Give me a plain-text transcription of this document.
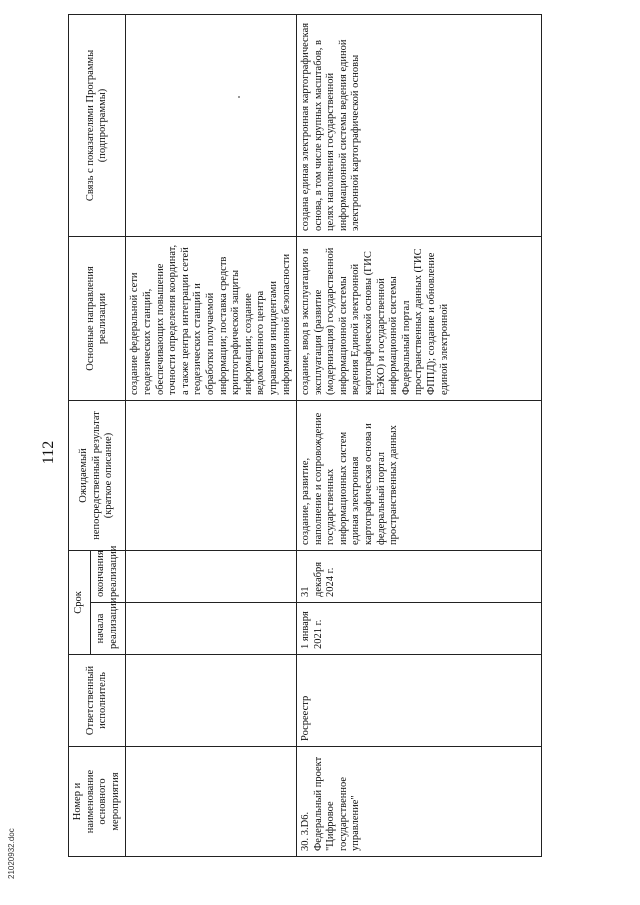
112
Номер и наименование основного мероприятия	Ответственный исполнитель	Срок		Ожидаемый непосредственный результат (краткое описание)	Основные направления реализации	Связь с показателями Программы (подпрограммы)
		начала реализации	окончания реализации			
					создание федеральной сети геодезических станций, обеспечивающих повышение точности определения координат, а также центра интеграции сетей геодезических станций и обработки получаемой информации; поставка средств криптографической защиты информации; создание ведомственного центра управления инцидентами информационной безопасности	
30. 3.D6. Федеральный проект "Цифровое государственное управление"	Росреестр	1 января 2021 г.	31 декабря 2024 г.	создание, развитие, наполнение и сопровождение государственных информационных систем единая электронная картографическая основа и федеральный портал пространственных данных	создание, ввод в эксплуатацию и эксплуатация (развитие (модернизация) государственной информационной системы ведения Единой электронной картографической основы (ГИС ЕЭКО) и государственной информационной системы Федеральный портал пространственных данных (ГИС ФППД); создание и обновление единой электронной	создана единая электронная картографическая основа, в том числе крупных масштабов, в целях наполнения государственной информационной системы ведения единой электронной картографической основы
21020932.doc
